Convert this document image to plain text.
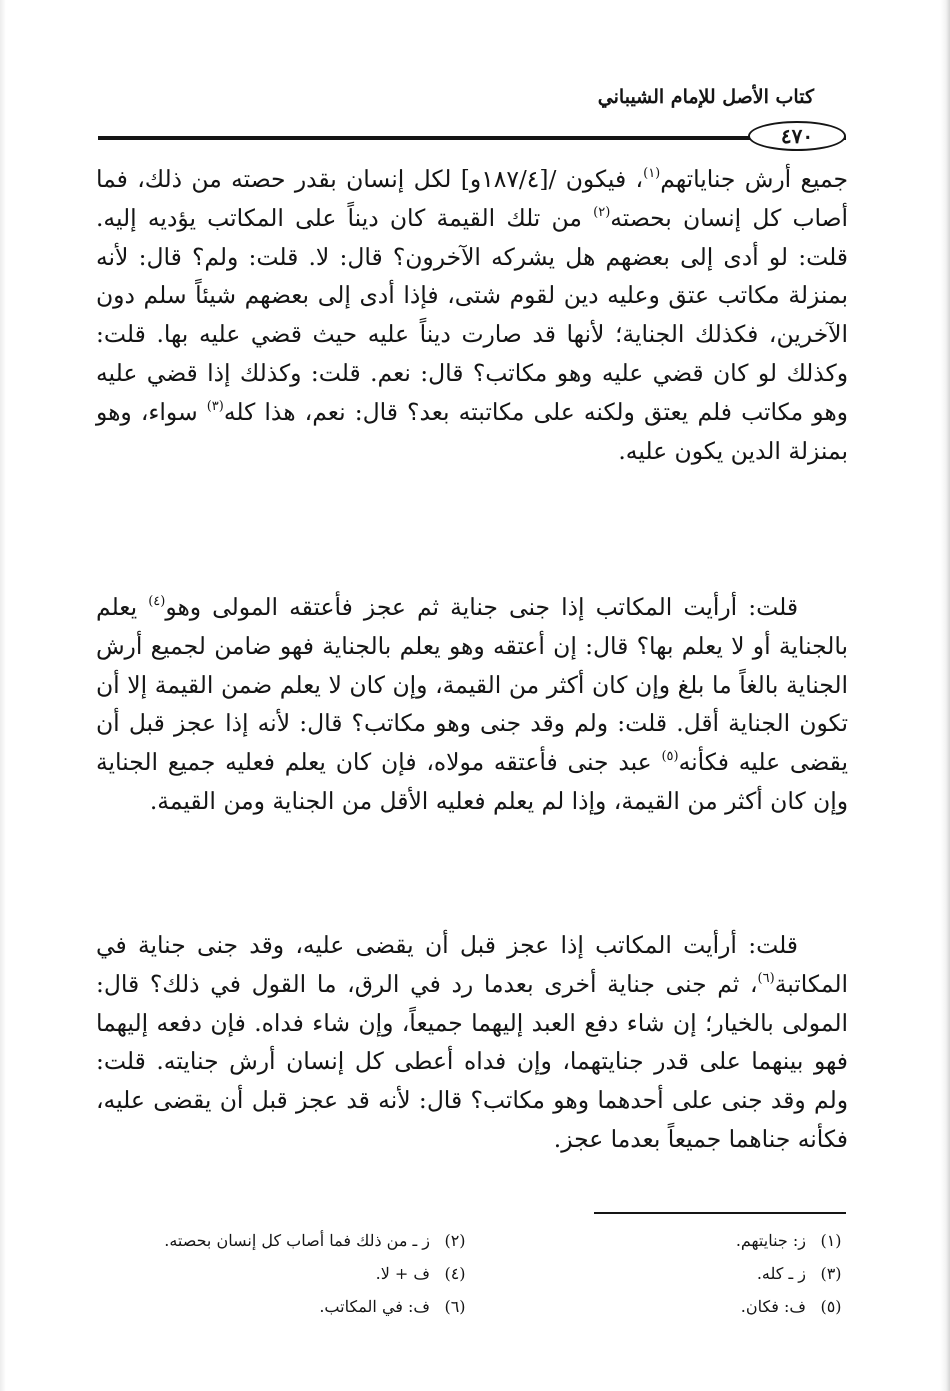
كتاب الأصل للإمام الشيباني
٤٧٠

جميع أرش جناياتهم$^{(١)}$، فيكون /[١٨٧/٤و] لكل إنسان بقدر حصته من ذلك، فما أصاب كل إنسان بحصته$^{(٢)}$ من تلك القيمة كان ديناً على المكاتب يؤديه إليه. قلت: لو أدى إلى بعضهم هل يشركه الآخرون؟ قال: لا. قلت: ولم؟ قال: لأنه بمنزلة مكاتب عتق وعليه دين لقوم شتى، فإذا أدى إلى بعضهم شيئاً سلم دون الآخرين، فكذلك الجناية؛ لأنها قد صارت ديناً عليه حيث قضي عليه بها. قلت: وكذلك لو كان قضي عليه وهو مكاتب؟ قال: نعم. قلت: وكذلك إذا قضي عليه وهو مكاتب فلم يعتق ولكنه على مكاتبته بعد؟ قال: نعم، هذا كله$^{(٣)}$ سواء، وهو بمنزلة الدين يكون عليه.

قلت: أرأيت المكاتب إذا جنى جناية ثم عجز فأعتقه المولى وهو$^{(٤)}$ يعلم بالجناية أو لا يعلم بها؟ قال: إن أعتقه وهو يعلم بالجناية فهو ضامن لجميع أرش الجناية بالغاً ما بلغ وإن كان أكثر من القيمة، وإن كان لا يعلم ضمن القيمة إلا أن تكون الجناية أقل. قلت: ولم وقد جنى وهو مكاتب؟ قال: لأنه إذا عجز قبل أن يقضى عليه فكأنه$^{(٥)}$ عبد جنى فأعتقه مولاه، فإن كان يعلم فعليه جميع الجناية وإن كان أكثر من القيمة، وإذا لم يعلم فعليه الأقل من الجناية ومن القيمة.

قلت: أرأيت المكاتب إذا عجز قبل أن يقضى عليه، وقد جنى جناية في المكاتبة$^{(٦)}$، ثم جنى جناية أخرى بعدما رد في الرق، ما القول في ذلك؟ قال: المولى بالخيار؛ إن شاء دفع العبد إليهما جميعاً، وإن شاء فداه. فإن دفعه إليهما فهو بينهما على قدر جنايتهما، وإن فداه أعطى كل إنسان أرش جنايته. قلت: ولم وقد جنى على أحدهما وهو مكاتب؟ قال: لأنه قد عجز قبل أن يقضى عليه، فكأنه جناهما جميعاً بعدما عجز.

(١)ز: جنايتهم.
(٢)ز ـ من ذلك فما أصاب كل إنسان بحصته.
(٣)ز ـ كله.
(٤)ف + لا.
(٥)ف: فكان.
(٦)ف: في المكاتب.
